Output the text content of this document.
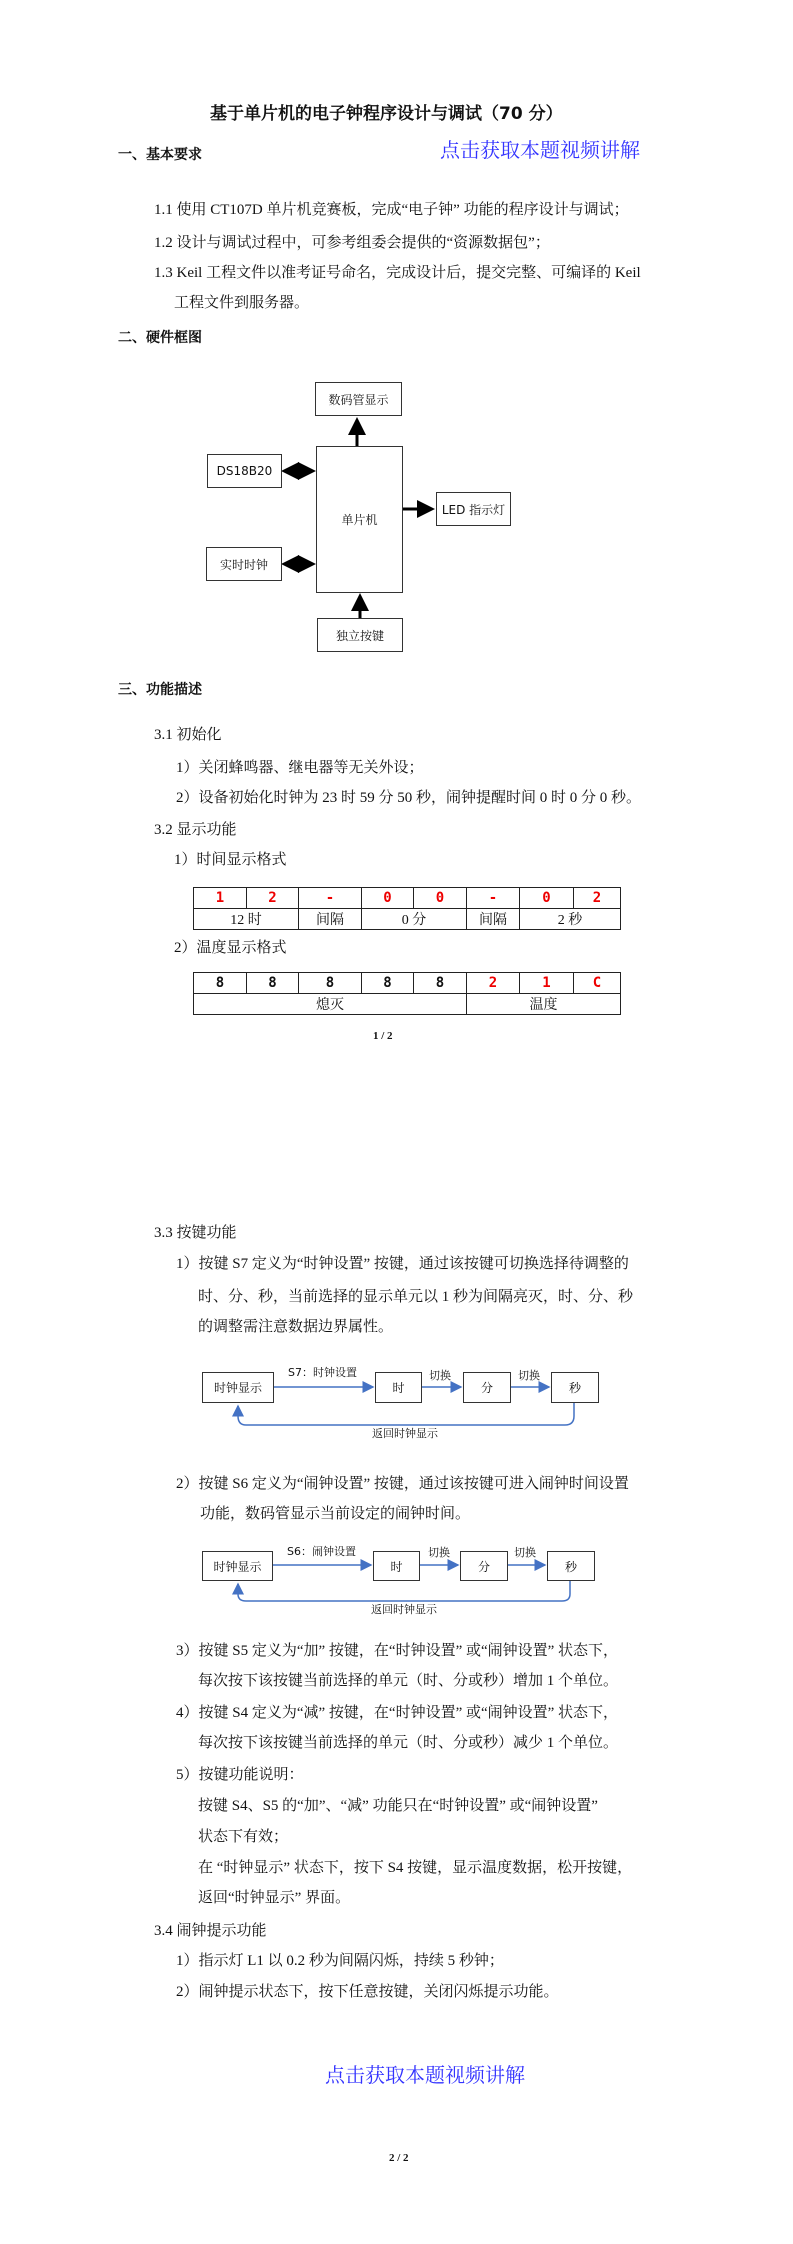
基于单片机的电子钟程序设计与调试（70 分）
点击获取本题视频讲解
一、基本要求
1.1 使用 CT107D 单片机竞赛板，完成“电子钟” 功能的程序设计与调试；
1.2 设计与调试过程中，可参考组委会提供的“资源数据包”；
1.3 Keil 工程文件以准考证号命名，完成设计后，提交完整、可编译的 Keil
工程文件到服务器。
二、硬件框图
数码管显示
单片机
DS18B20
实时时钟
LED 指示灯
独立按键
三、功能描述
3.1 初始化
1）关闭蜂鸣器、继电器等无关外设；
2）设备初始化时钟为 23 时 59 分 50 秒，闹钟提醒时间 0 时 0 分 0 秒。
3.2 显示功能
1）时间显示格式
1	2	-	0	0	-	0	2
12 时		间隔	0 分		间隔	2 秒	
2）温度显示格式
8	8	8	8	8	2	1	C
熄灭					温度		
1 / 2
3.3 按键功能
1）按键 S7 定义为“时钟设置” 按键，通过该按键可切换选择待调整的
时、分、秒，当前选择的显示单元以 1 秒为间隔亮灭，时、分、秒
的调整需注意数据边界属性。
时钟显示
S7：时钟设置
时
切换
分
切换
秒
返回时钟显示
2）按键 S6 定义为“闹钟设置” 按键，通过该按键可进入闹钟时间设置
功能，数码管显示当前设定的闹钟时间。
时钟显示
S6：闹钟设置
时
切换
分
切换
秒
返回时钟显示
3）按键 S5 定义为“加” 按键，在“时钟设置” 或“闹钟设置” 状态下，
每次按下该按键当前选择的单元（时、分或秒）增加 1 个单位。
4）按键 S4 定义为“减” 按键，在“时钟设置” 或“闹钟设置” 状态下，
每次按下该按键当前选择的单元（时、分或秒）减少 1 个单位。
5）按键功能说明：
按键 S4、S5 的“加”、“减” 功能只在“时钟设置” 或“闹钟设置”
状态下有效；
在 “时钟显示” 状态下，按下 S4 按键，显示温度数据，松开按键，
返回“时钟显示” 界面。
3.4 闹钟提示功能
1）指示灯 L1 以 0.2 秒为间隔闪烁，持续 5 秒钟；
2）闹钟提示状态下，按下任意按键，关闭闪烁提示功能。
点击获取本题视频讲解
2 / 2
